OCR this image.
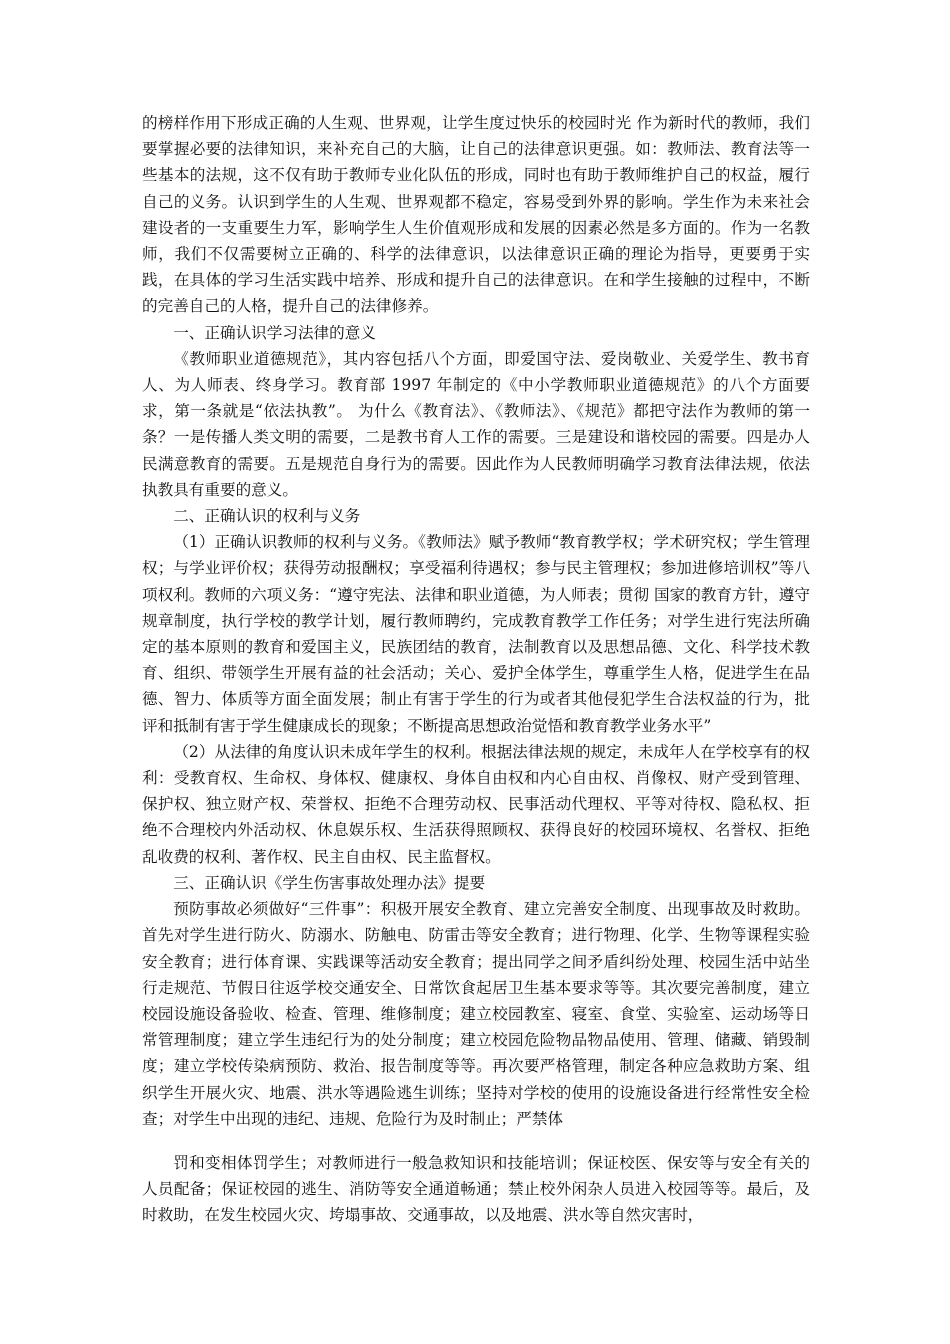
的榜样作用下形成正确的人生观、世界观，让学生度过快乐的校园时光 作为新时代的教师，我们要掌握必要的法律知识，来补充自己的大脑，让自己的法律意识更强。如：教师法、教育法等一些基本的法规，这不仅有助于教师专业化队伍的形成，同时也有助于教师维护自己的权益，履行自己的义务。认识到学生的人生观、世界观都不稳定，容易受到外界的影响。学生作为未来社会建设者的一支重要生力军，影响学生人生价值观形成和发展的因素必然是多方面的。作为一名教师，我们不仅需要树立正确的、科学的法律意识，以法律意识正确的理论为指导，更要勇于实践，在具体的学习生活实践中培养、形成和提升自己的法律意识。在和学生接触的过程中，不断的完善自己的人格，提升自己的法律修养。

一、正确认识学习法律的意义

《教师职业道德规范》，其内容包括八个方面，即爱国守法、爱岗敬业、关爱学生、教书育人、为人师表、终身学习。教育部 1997 年制定的《中小学教师职业道德规范》的八个方面要求，第一条就是“依法执教”。 为什么《教育法》、《教师法》、《规范》都把守法作为教师的第一条？一是传播人类文明的需要，二是教书育人工作的需要。三是建设和谐校园的需要。四是办人民满意教育的需要。五是规范自身行为的需要。因此作为人民教师明确学习教育法律法规，依法执教具有重要的意义。

二、正确认识的权利与义务

（1）正确认识教师的权利与义务。《教师法》赋予教师“教育教学权；学术研究权；学生管理权；与学业评价权；获得劳动报酬权；享受福利待遇权；参与民主管理权；参加进修培训权”等八项权利。教师的六项义务：“遵守宪法、法律和职业道德，为人师表；贯彻 国家的教育方针，遵守规章制度，执行学校的教学计划，履行教师聘约，完成教育教学工作任务；对学生进行宪法所确定的基本原则的教育和爱国主义，民族团结的教育，法制教育以及思想品德、文化、科学技术教育、组织、带领学生开展有益的社会活动；关心、爱护全体学生，尊重学生人格，促进学生在品德、智力、体质等方面全面发展；制止有害于学生的行为或者其他侵犯学生合法权益的行为，批评和抵制有害于学生健康成长的现象；不断提高思想政治觉悟和教育教学业务水平”

（2）从法律的角度认识未成年学生的权利。根据法律法规的规定，未成年人在学校享有的权利：受教育权、生命权、身体权、健康权、身体自由权和内心自由权、肖像权、财产受到管理、保护权、独立财产权、荣誉权、拒绝不合理劳动权、民事活动代理权、平等对待权、隐私权、拒绝不合理校内外活动权、休息娱乐权、生活获得照顾权、获得良好的校园环境权、名誉权、拒绝乱收费的权利、著作权、民主自由权、民主监督权。

三、正确认识《学生伤害事故处理办法》提要

预防事故必须做好“三件事”：积极开展安全教育、建立完善安全制度、出现事故及时救助。首先对学生进行防火、防溺水、防触电、防雷击等安全教育；进行物理、化学、生物等课程实验安全教育；进行体育课、实践课等活动安全教育；提出同学之间矛盾纠纷处理、校园生活中站坐行走规范、节假日往返学校交通安全、日常饮食起居卫生基本要求等等。其次要完善制度，建立校园设施设备验收、检查、管理、维修制度；建立校园教室、寝室、食堂、实验室、运动场等日常管理制度；建立学生违纪行为的处分制度；建立校园危险物品物品使用、管理、储藏、销毁制度；建立学校传染病预防、救治、报告制度等等。再次要严格管理，制定各种应急救助方案、组织学生开展火灾、地震、洪水等遇险逃生训练；坚持对学校的使用的设施设备进行经常性安全检查；对学生中出现的违纪、违规、危险行为及时制止；严禁体

罚和变相体罚学生；对教师进行一般急救知识和技能培训；保证校医、保安等与安全有关的人员配备；保证校园的逃生、消防等安全通道畅通；禁止校外闲杂人员进入校园等等。最后，及时救助，在发生校园火灾、垮塌事故、交通事故，以及地震、洪水等自然灾害时，
